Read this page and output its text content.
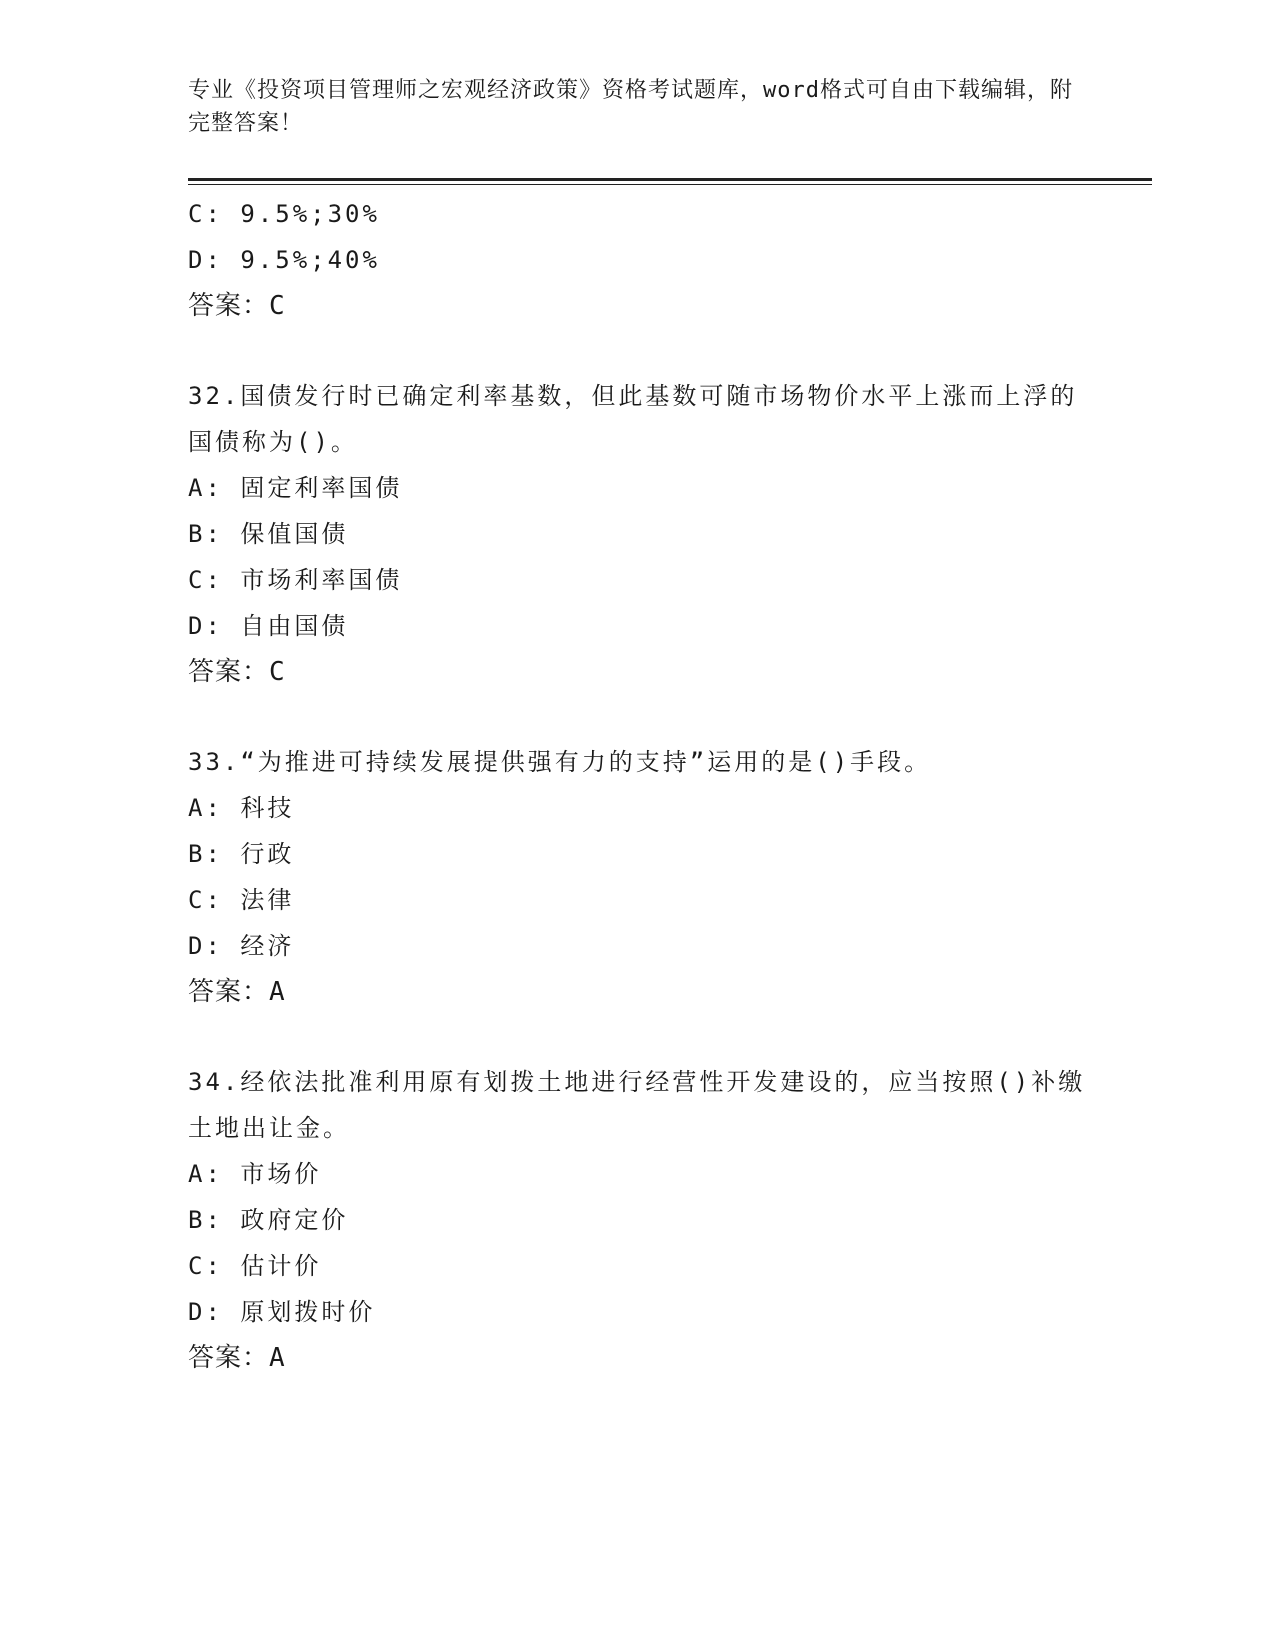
专业《投资项目管理师之宏观经济政策》资格考试题库，word格式可自由下载编辑，附完整答案！
C: 9.5%;30%
D: 9.5%;40%
答案：C
32.国债发行时已确定利率基数，但此基数可随市场物价水平上涨而上浮的国债称为()。
A: 固定利率国债
B: 保值国债
C: 市场利率国债
D: 自由国债
答案：C
33.“为推进可持续发展提供强有力的支持”运用的是()手段。
A: 科技
B: 行政
C: 法律
D: 经济
答案：A
34.经依法批准利用原有划拨土地进行经营性开发建设的，应当按照()补缴土地出让金。
A: 市场价
B: 政府定价
C: 估计价
D: 原划拨时价
答案：A
